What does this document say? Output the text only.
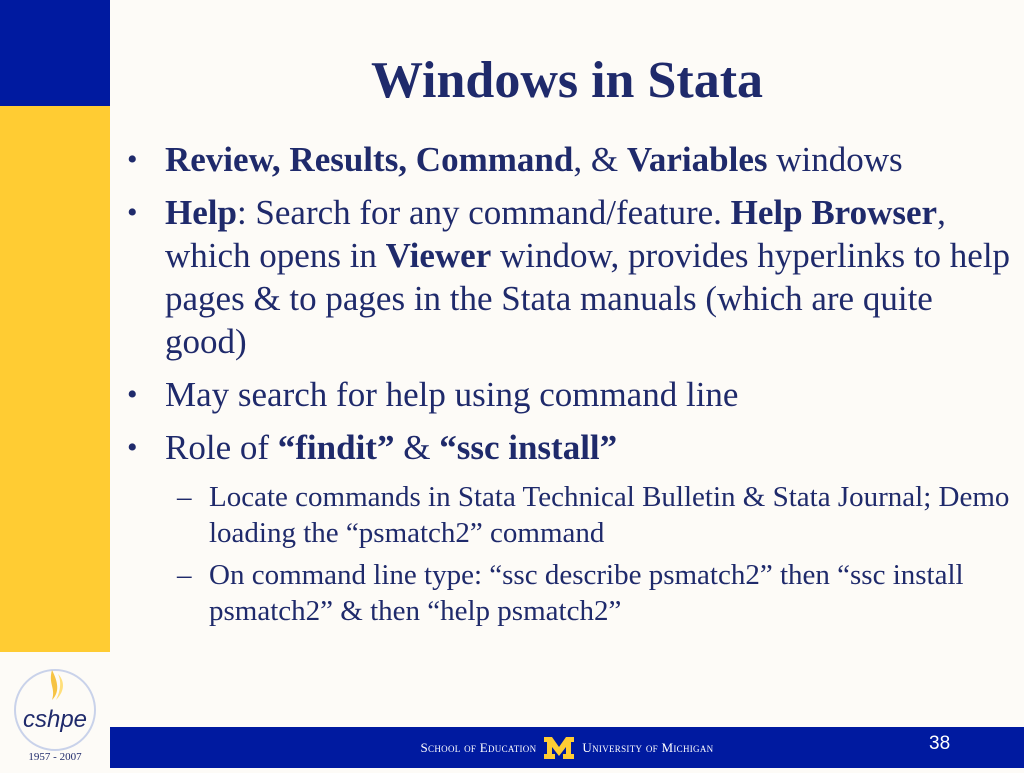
cshpe
1957 - 2007
Windows in Stata
• Review, Results, Command, & Variables windows
• Help: Search for any command/feature. Help Browser, which opens in Viewer window, provides hyperlinks to help pages & to pages in the Stata manuals (which are quite good)
• May search for help using command line
• Role of “findit” & “ssc install”
– Locate commands in Stata Technical Bulletin & Stata Journal; Demo loading the “psmatch2” command
– On command line type: “ssc describe psmatch2” then “ssc install psmatch2” & then “help psmatch2”
School of Education	University of Michigan	38
